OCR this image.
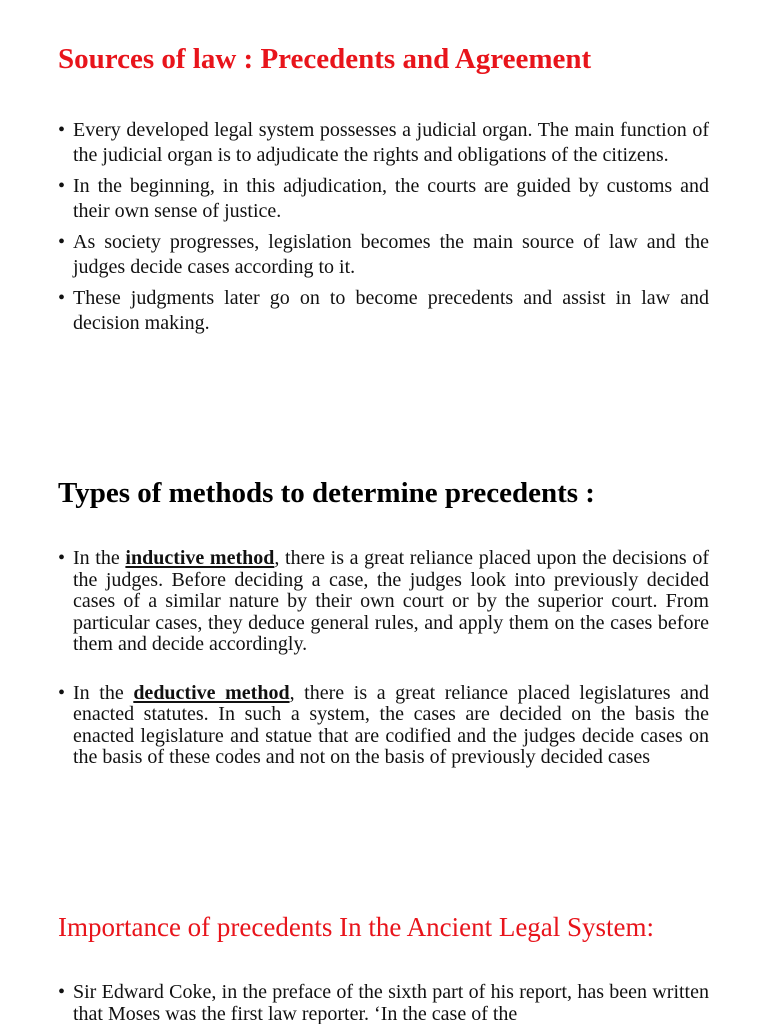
Sources of law : Precedents and Agreement
• Every developed legal system possesses a judicial organ. The main function of the judicial organ is to adjudicate the rights and obligations of the citizens.
• In the beginning, in this adjudication, the courts are guided by customs and their own sense of justice.
• As society progresses, legislation becomes the main source of law and the judges decide cases according to it.
• These judgments later go on to become precedents and assist in law and decision making.
Types of methods to determine precedents :
• In the inductive method, there is a great reliance placed upon the decisions of the judges. Before deciding a case, the judges look into previously decided cases of a similar nature by their own court or by the superior court. From particular cases, they deduce general rules, and apply them on the cases before them and decide accordingly.
• In the deductive method, there is a great reliance placed legislatures and enacted statutes. In such a system, the cases are decided on the basis the enacted legislature and statue that are codified and the judges decide cases on the basis of these codes and not on the basis of previously decided cases
Importance of precedents In the Ancient Legal System:
• Sir Edward Coke, in the preface of the sixth part of his report, has been written that Moses was the first law reporter. ‘In the case of the
